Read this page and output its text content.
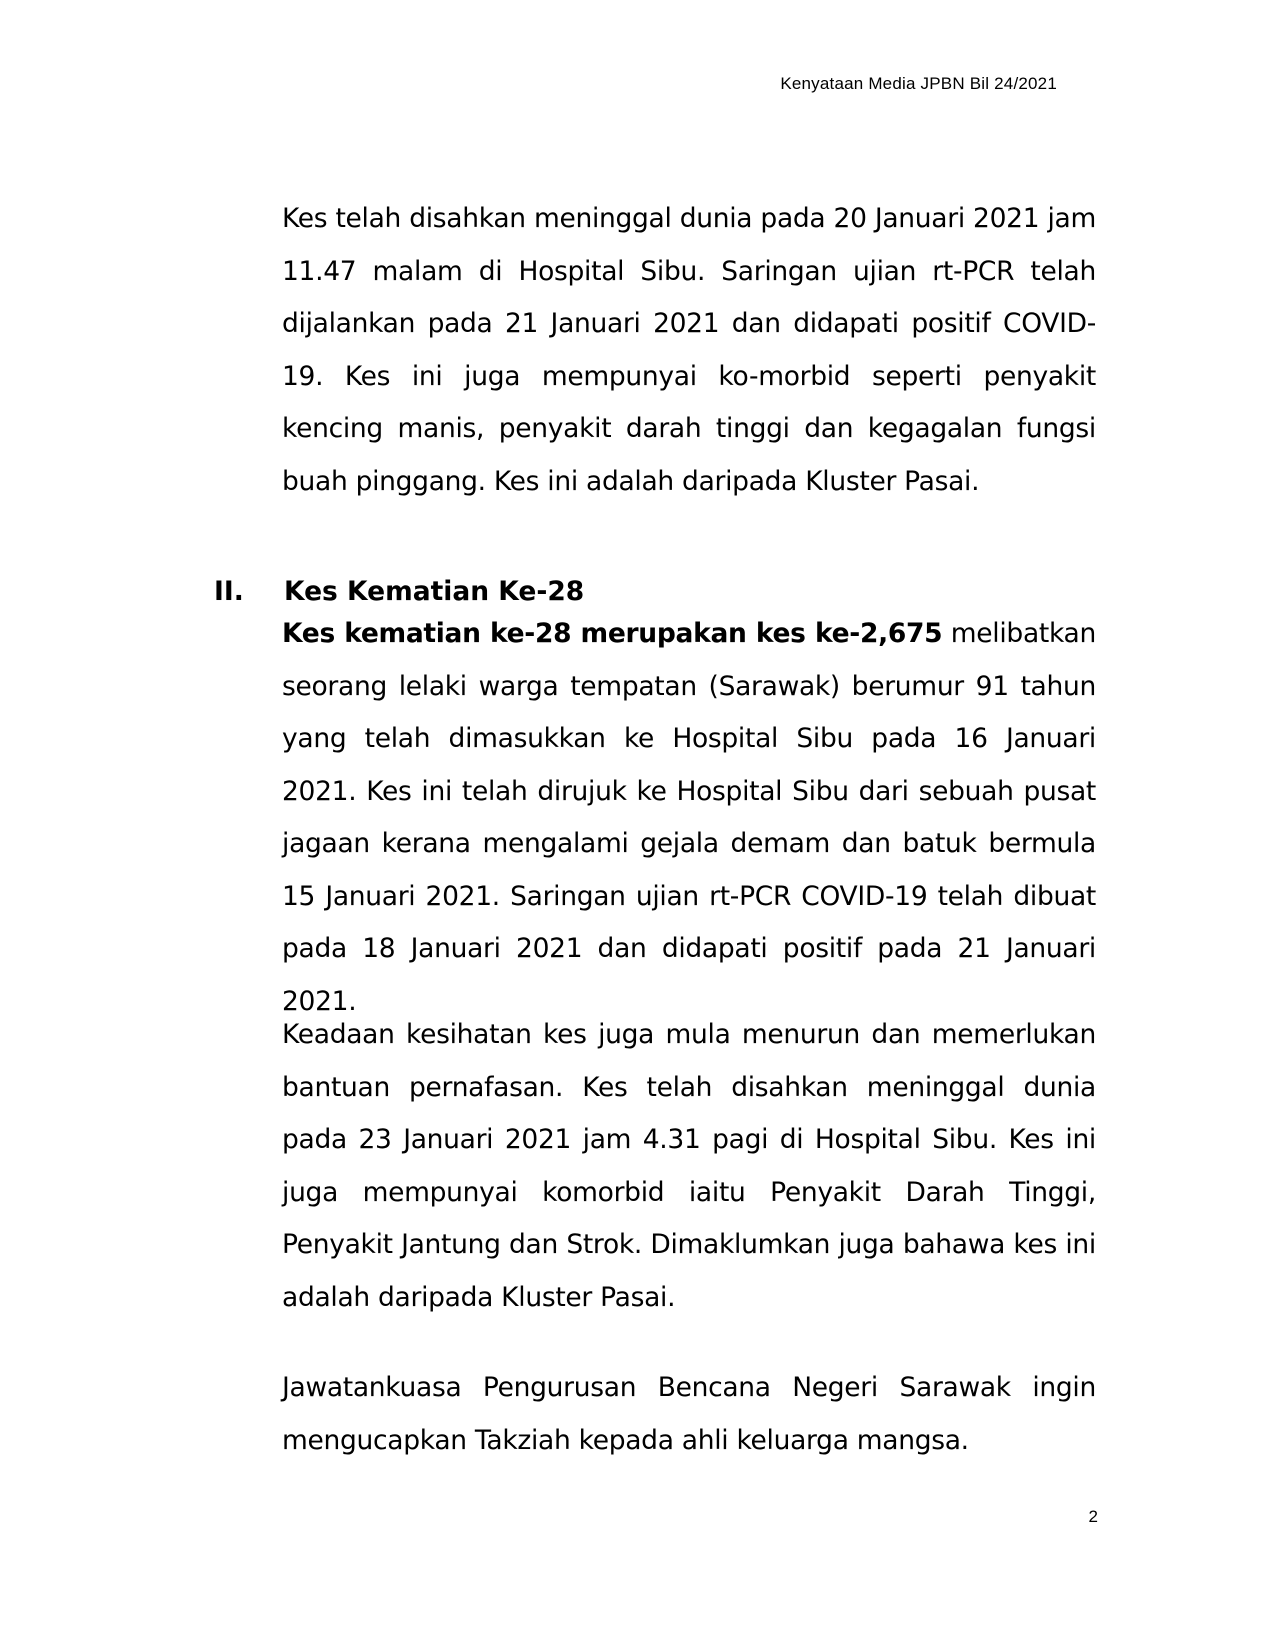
Kenyataan Media JPBN Bil 24/2021

Kes telah disahkan meninggal dunia pada 20 Januari 2021 jam 11.47 malam di Hospital Sibu. Saringan ujian rt-PCR telah dijalankan pada 21 Januari 2021 dan didapati positif COVID-19. Kes ini juga mempunyai ko-morbid seperti penyakit kencing manis, penyakit darah tinggi dan kegagalan fungsi buah pinggang. Kes ini adalah daripada Kluster Pasai.

II.	Kes Kematian Ke-28

Kes kematian ke-28 merupakan kes ke-2,675 melibatkan seorang lelaki warga tempatan (Sarawak) berumur 91 tahun yang telah dimasukkan ke Hospital Sibu pada 16 Januari 2021. Kes ini telah dirujuk ke Hospital Sibu dari sebuah pusat jagaan kerana mengalami gejala demam dan batuk bermula 15 Januari 2021. Saringan ujian rt-PCR COVID-19 telah dibuat pada 18 Januari 2021 dan didapati positif pada 21 Januari 2021.

Keadaan kesihatan kes juga mula menurun dan memerlukan bantuan pernafasan. Kes telah disahkan meninggal dunia pada 23 Januari 2021 jam 4.31 pagi di Hospital Sibu. Kes ini juga mempunyai komorbid iaitu Penyakit Darah Tinggi, Penyakit Jantung dan Strok. Dimaklumkan juga bahawa kes ini adalah daripada Kluster Pasai.

Jawatankuasa Pengurusan Bencana Negeri Sarawak ingin mengucapkan Takziah kepada ahli keluarga mangsa.

2
